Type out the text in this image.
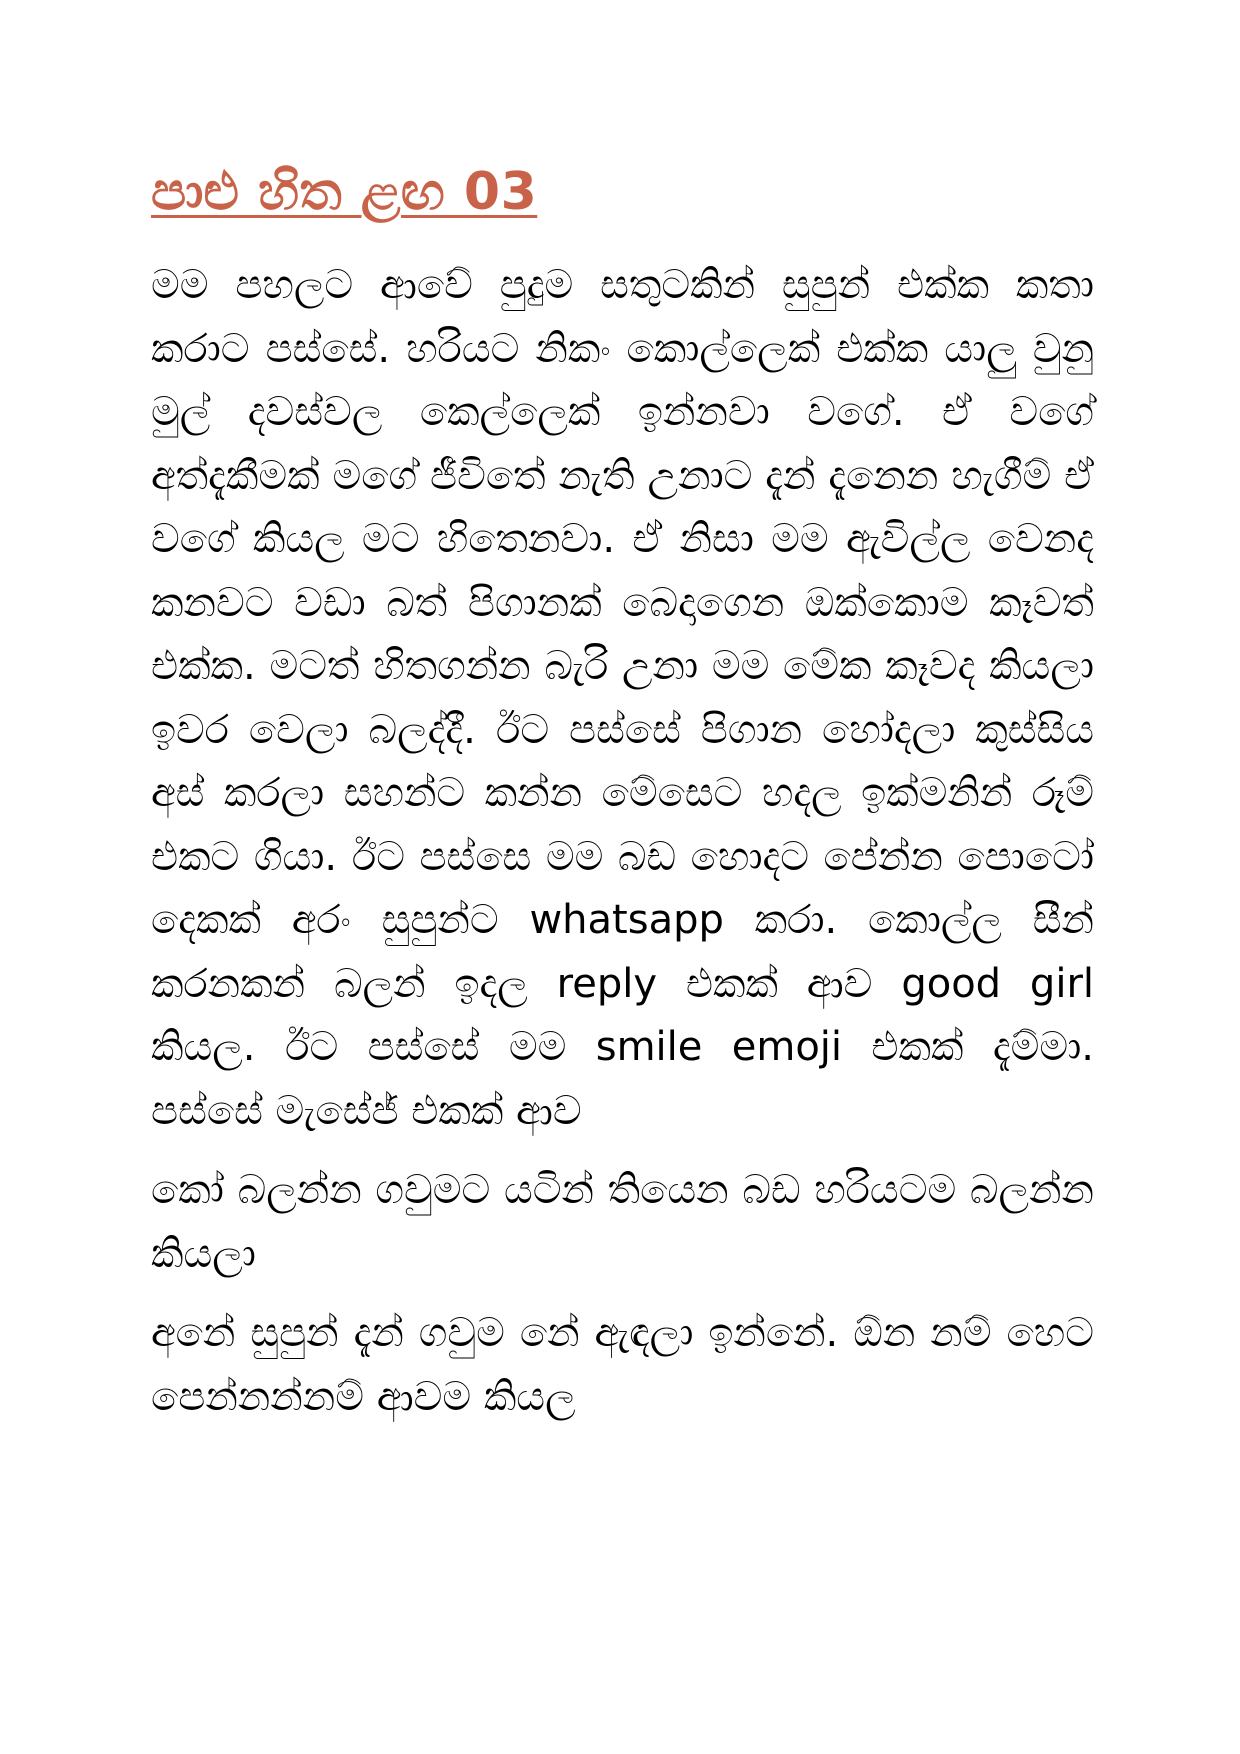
පාළු හිත ළඟ 03

මම පහලට ආවේ පුදුම සතුටකින් සුපුන් එක්ක කතා කරාට පස්සේ. හරියට නිකං කොල්ලෙක් එක්ක යාලු වුනු මුල් දවස්වල කෙල්ලෙක් ඉන්නවා වගේ. ඒ වගේ අත්දැකීමක් මගේ ජීවිතේ නැති උනාට දැන් දැනෙන හැගීම් ඒ වගේ කියල මට හිතෙනවා. ඒ නිසා මම ඇවිල්ල වෙනද කනවට වඩා බත් පිගානක් බෙදාගෙන ඔක්කොම කෑවත් එක්ක. මටත් හිතගන්න බැරි උනා මම මේක කෑවද කියලා ඉවර වෙලා බලද්දී. ඊට පස්සේ පිගාන හෝදලා කුස්සිය අස් කරලා සහන්ට කන්න මේසෙට හදල ඉක්මනින් රූම් එකට ගියා. ඊට පස්සෙ මම බඩ හොදට පේන්න පොටෝ දෙකක් අරං සුපුන්ට whatsapp කරා. කොල්ල සීන් කරනකන් බලන් ඉදල reply එකක් ආව good girl කියල. ඊට පස්සේ මම smile emoji එකක් දැම්මා. පස්සේ මැසේජ් එකක් ආව

කෝ බලන්න ගවුමට යටින් තියෙන බඩ හරියටම බලන්න කියලා

අනේ සුපුන් දැන් ගවුම නේ ඇඳලා ඉන්නේ. ඕන නම් හෙට පෙන්නන්නම් ආවම කියල
